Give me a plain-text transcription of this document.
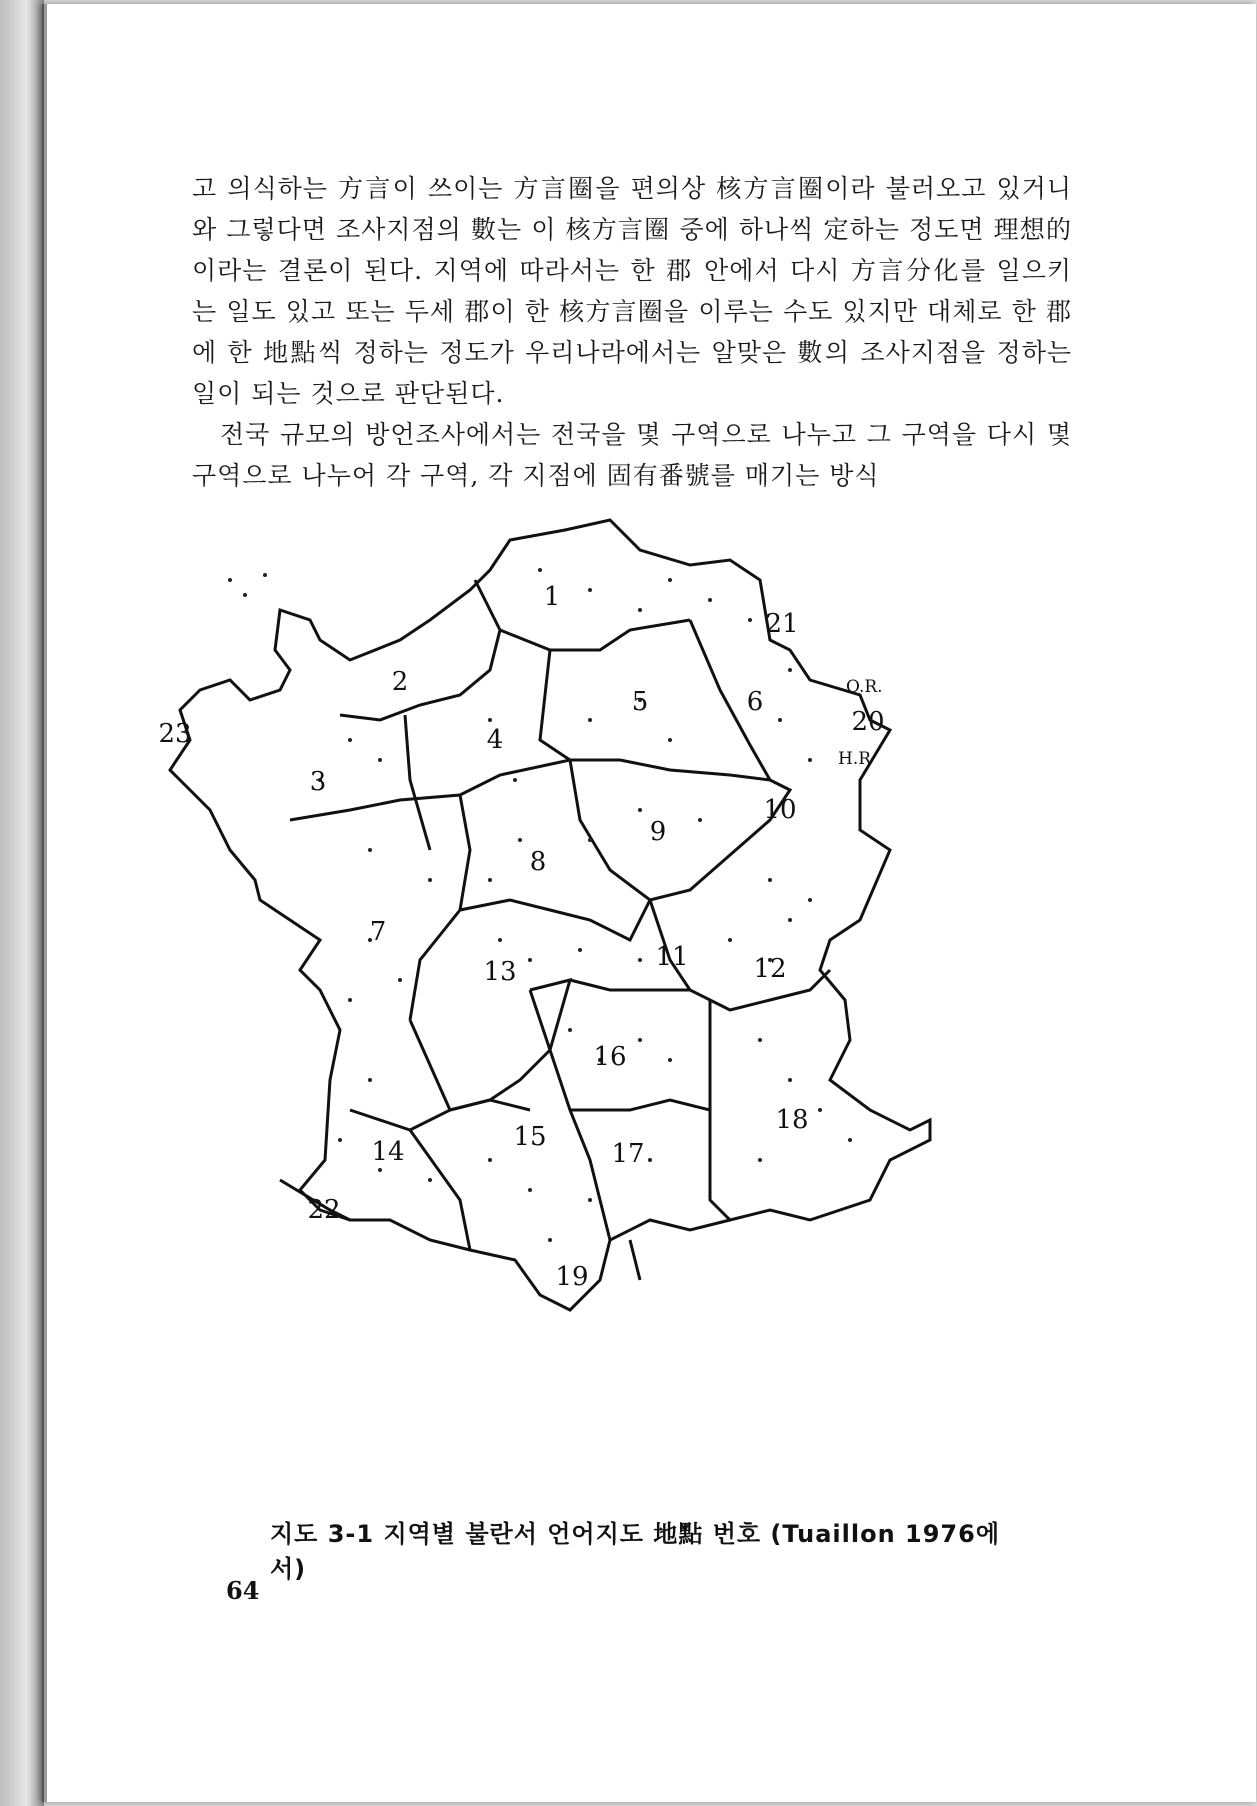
고 의식하는 方言이 쓰이는 方言圈을 편의상 核方言圈이라 불러오고 있거니와 그렇다면 조사지점의 數는 이 核方言圈 중에 하나씩 定하는 정도면 理想的이라는 결론이 된다. 지역에 따라서는 한 郡 안에서 다시 方言分化를 일으키는 일도 있고 또는 두세 郡이 한 核方言圈을 이루는 수도 있지만 대체로 한 郡에 한 地點씩 정하는 정도가 우리나라에서는 알맞은 數의 조사지점을 정하는 일이 되는 것으로 판단된다.

전국 규모의 방언조사에서는 전국을 몇 구역으로 나누고 그 구역을 다시 몇 구역으로 나누어 각 구역, 각 지점에 固有番號를 매기는 방식

1
2
3
4
5	6
7
8
9
10
11 12
13
14	15
16
17
18
19
20
21
22
23
O.R.
H.R
지도 3-1 지역별 불란서 언어지도 地點 번호 (Tuaillon 1976에서)
64
